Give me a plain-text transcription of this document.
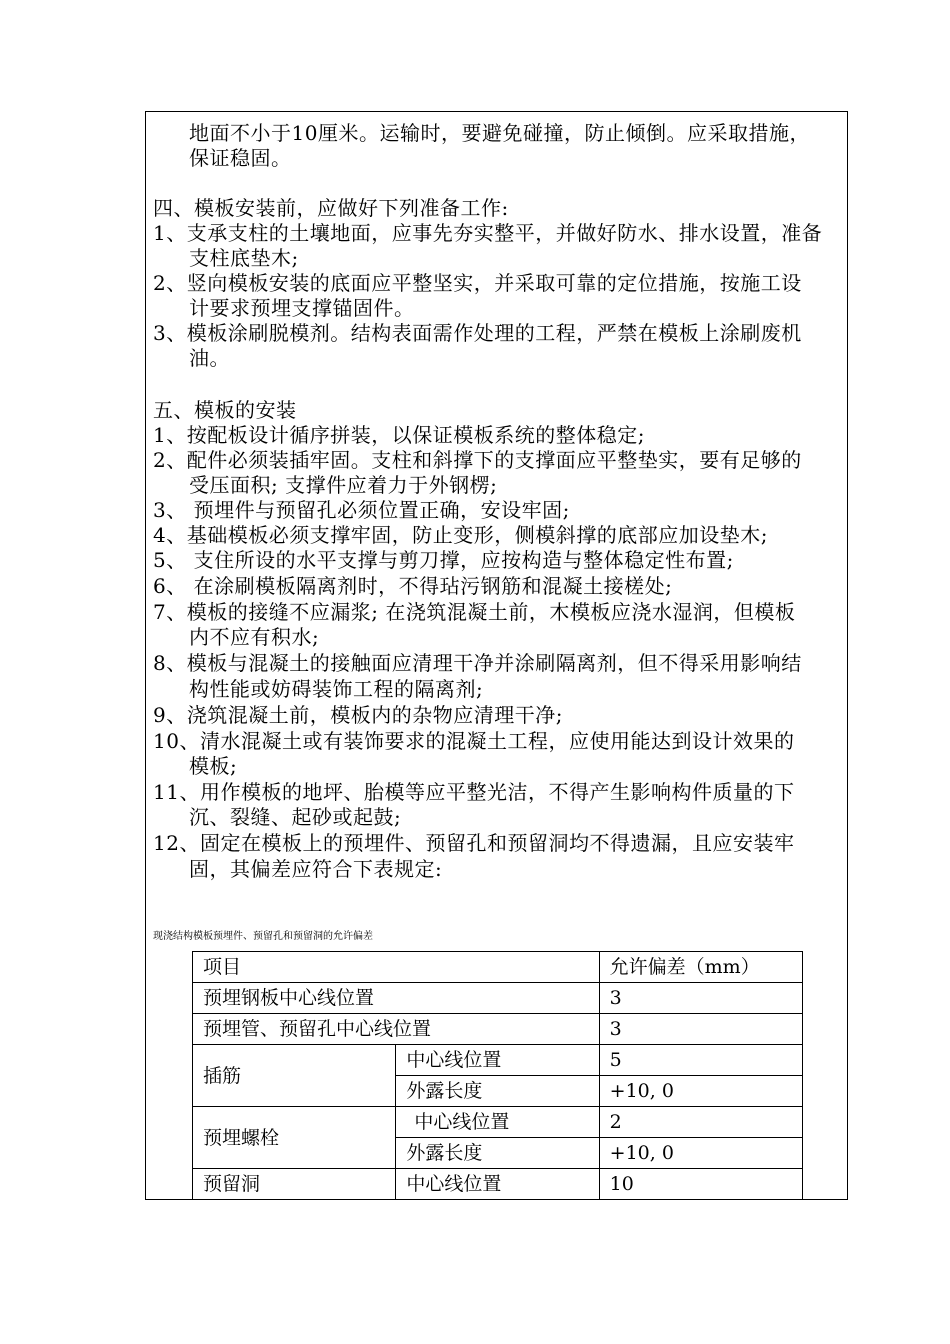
地面不小于10厘米。运输时，要避免碰撞，防止倾倒。应采取措施，
保证稳固。
四、模板安装前，应做好下列准备工作:
1、支承支柱的土壤地面，应事先夯实整平，并做好防水、排水设置，准备
支柱底垫木;
2、竖向模板安装的底面应平整坚实，并采取可靠的定位措施，按施工设
计要求预埋支撑锚固件。
3、模板涂刷脱模剂。结构表面需作处理的工程，严禁在模板上涂刷废机
油。
五、模板的安装
1、按配板设计循序拼装，以保证模板系统的整体稳定;
2、配件必须装插牢固。支柱和斜撑下的支撑面应平整垫实，要有足够的
受压面积; 支撑件应着力于外钢楞;
3、 预埋件与预留孔必须位置正确，安设牢固;
4、基础模板必须支撑牢固，防止变形，侧模斜撑的底部应加设垫木;
5、 支住所设的水平支撑与剪刀撑，应按构造与整体稳定性布置;
6、 在涂刷模板隔离剂时，不得玷污钢筋和混凝土接槎处;
7、模板的接缝不应漏浆; 在浇筑混凝土前，木模板应浇水湿润，但模板
内不应有积水;
8、模板与混凝土的接触面应清理干净并涂刷隔离剂，但不得采用影响结
构性能或妨碍装饰工程的隔离剂;
9、浇筑混凝土前，模板内的杂物应清理干净;
10、清水混凝土或有装饰要求的混凝土工程，应使用能达到设计效果的
模板;
11、用作模板的地坪、胎模等应平整光洁，不得产生影响构件质量的下
沉、裂缝、起砂或起鼓;
12、固定在模板上的预埋件、预留孔和预留洞均不得遗漏，且应安装牢
固，其偏差应符合下表规定:
现浇结构模板预埋件、预留孔和预留洞的允许偏差
项目		允许偏差（mm）
预埋钢板中心线位置		3
预埋管、预留孔中心线位置		3
插筋	中心线位置	5
	外露长度	+10, 0
预埋螺栓	中心线位置	2
	外露长度	+10, 0
预留洞	中心线位置	10
